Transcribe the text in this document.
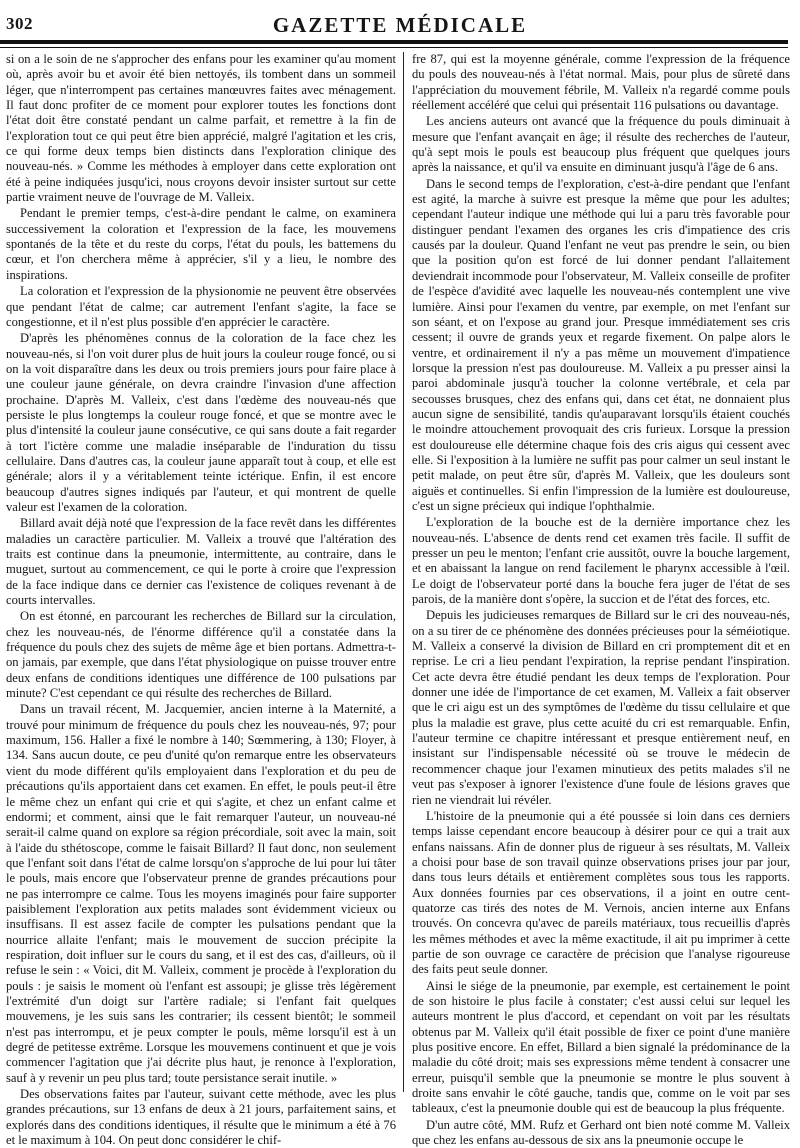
302	GAZETTE MÉDICALE

si on a le soin de ne s'approcher des enfans pour les examiner qu'au moment où, après avoir bu et avoir été bien nettoyés, ils tombent dans un sommeil léger, que n'interrompent pas certaines manœuvres faites avec ménagement. Il faut donc profiter de ce moment pour explorer toutes les fonctions dont l'état doit être constaté pendant un calme parfait, et remettre à la fin de l'exploration tout ce qui peut être bien apprécié, malgré l'agitation et les cris, ce qui forme deux temps bien distincts dans l'exploration clinique des nouveau-nés. » Comme les méthodes à employer dans cette exploration ont été à peine indiquées jusqu'ici, nous croyons devoir insister surtout sur cette partie vraiment neuve de l'ouvrage de M. Valleix.

Pendant le premier temps, c'est-à-dire pendant le calme, on examinera successivement la coloration et l'expression de la face, les mouvemens spontanés de la tête et du reste du corps, l'état du pouls, les battemens du cœur, et l'on cherchera même à apprécier, s'il y a lieu, le nombre des inspirations.

La coloration et l'expression de la physionomie ne peuvent être observées que pendant l'état de calme; car autrement l'enfant s'agite, la face se congestionne, et il n'est plus possible d'en apprécier le caractère.

D'après les phénomènes connus de la coloration de la face chez les nouveau-nés, si l'on voit durer plus de huit jours la couleur rouge foncé, ou si on la voit disparaître dans les deux ou trois premiers jours pour faire place à une couleur jaune générale, on devra craindre l'invasion d'une affection prochaine. D'après M. Valleix, c'est dans l'œdème des nouveau-nés que persiste le plus longtemps la couleur rouge foncé, et que se montre avec le plus d'intensité la couleur jaune consécutive, ce qui sans doute a fait regarder à tort l'ictère comme une maladie inséparable de l'induration du tissu cellulaire. Dans d'autres cas, la couleur jaune apparaît tout à coup, et elle est générale; alors il y a véritablement teinte ictérique. Enfin, il est encore beaucoup d'autres signes indiqués par l'auteur, et qui montrent de quelle valeur est l'examen de la coloration.

Billard avait déjà noté que l'expression de la face revêt dans les différentes maladies un caractère particulier. M. Valleix a trouvé que l'altération des traits est continue dans la pneumonie, intermittente, au contraire, dans le muguet, surtout au commencement, ce qui le porte à croire que l'expression de la face indique dans ce dernier cas l'existence de coliques revenant à de courts intervalles.

On est étonné, en parcourant les recherches de Billard sur la circulation, chez les nouveau-nés, de l'énorme différence qu'il a constatée dans la fréquence du pouls chez des sujets de même âge et bien portans. Admettra-t-on jamais, par exemple, que dans l'état physiologique on puisse trouver entre deux enfans de conditions identiques une différence de 100 pulsations par minute? C'est cependant ce qui résulte des recherches de Billard.

Dans un travail récent, M. Jacquemier, ancien interne à la Maternité, a trouvé pour minimum de fréquence du pouls chez les nouveau-nés, 97; pour maximum, 156. Haller a fixé le nombre à 140; Sœmmering, à 130; Floyer, à 134. Sans aucun doute, ce peu d'unité qu'on remarque entre les observateurs vient du mode différent qu'ils employaient dans l'exploration et du peu de précautions qu'ils apportaient dans cet examen. En effet, le pouls peut-il être le même chez un enfant qui crie et qui s'agite, et chez un enfant calme et endormi; et comment, ainsi que le fait remarquer l'auteur, un nouveau-né serait-il calme quand on explore sa région précordiale, soit avec la main, soit à l'aide du sthétoscope, comme le faisait Billard? Il faut donc, non seulement que l'enfant soit dans l'état de calme lorsqu'on s'approche de lui pour lui tâter le pouls, mais encore que l'observateur prenne de grandes précautions pour ne pas interrompre ce calme. Tous les moyens imaginés pour faire supporter paisiblement l'exploration aux petits malades sont évidemment vicieux ou insuffisans. Il est assez facile de compter les pulsations pendant que la nourrice allaite l'enfant; mais le mouvement de succion précipite la respiration, doit influer sur le cours du sang, et il est des cas, d'ailleurs, où il refuse le sein : « Voici, dit M. Valleix, comment je procède à l'exploration du pouls : je saisis le moment où l'enfant est assoupi; je glisse très légèrement l'extrémité d'un doigt sur l'artère radiale; si l'enfant fait quelques mouvemens, je les suis sans les contrarier; ils cessent bientôt; le sommeil n'est pas interrompu, et je peux compter le pouls, même lorsqu'il est à un degré de petitesse extrême. Lorsque les mouvemens continuent et que je vois commencer l'agitation que j'ai décrite plus haut, je renonce à l'exploration, sauf à y revenir un peu plus tard; toute persistance serait inutile. »

Des observations faites par l'auteur, suivant cette méthode, avec les plus grandes précautions, sur 13 enfans de deux à 21 jours, parfaitement sains, et explorés dans des conditions identiques, il résulte que le minimum a été à 76 et le maximum à 104. On peut donc considérer le chif-

fre 87, qui est la moyenne générale, comme l'expression de la fréquence du pouls des nouveau-nés à l'état normal. Mais, pour plus de sûreté dans l'appréciation du mouvement fébrile, M. Valleix n'a regardé comme pouls réellement accéléré que celui qui présentait 116 pulsations ou davantage.

Les anciens auteurs ont avancé que la fréquence du pouls diminuait à mesure que l'enfant avançait en âge; il résulte des recherches de l'auteur, qu'à sept mois le pouls est beaucoup plus fréquent que quelques jours après la naissance, et qu'il va ensuite en diminuant jusqu'à l'âge de 6 ans.

Dans le second temps de l'exploration, c'est-à-dire pendant que l'enfant est agité, la marche à suivre est presque la même que pour les adultes; cependant l'auteur indique une méthode qui lui a paru très favorable pour distinguer pendant l'examen des organes les cris d'impatience des cris causés par la douleur. Quand l'enfant ne veut pas prendre le sein, ou bien que la position qu'on est forcé de lui donner pendant l'allaitement deviendrait incommode pour l'observateur, M. Valleix conseille de profiter de l'espèce d'avidité avec laquelle les nouveau-nés contemplent une vive lumière. Ainsi pour l'examen du ventre, par exemple, on met l'enfant sur son séant, et on l'expose au grand jour. Presque immédiatement ses cris cessent; il ouvre de grands yeux et regarde fixement. On palpe alors le ventre, et ordinairement il n'y a pas même un mouvement d'impatience lorsque la pression n'est pas douloureuse. M. Valleix a pu presser ainsi la paroi abdominale jusqu'à toucher la colonne vertébrale, et cela par secousses brusques, chez des enfans qui, dans cet état, ne donnaient plus aucun signe de sensibilité, tandis qu'auparavant lorsqu'ils étaient couchés le moindre attouchement provoquait des cris furieux. Lorsque la pression est douloureuse elle détermine chaque fois des cris aigus qui cessent avec elle. Si l'exposition à la lumière ne suffit pas pour calmer un seul instant le petit malade, on peut être sûr, d'après M. Valleix, que les douleurs sont aiguës et continuelles. Si enfin l'impression de la lumière est douloureuse, c'est un signe précieux qui indique l'ophthalmie.

L'exploration de la bouche est de la dernière importance chez les nouveau-nés. L'absence de dents rend cet examen très facile. Il suffit de presser un peu le menton; l'enfant crie aussitôt, ouvre la bouche largement, et en abaissant la langue on rend facilement le pharynx accessible à l'œil. Le doigt de l'observateur porté dans la bouche fera juger de l'état de ses parois, de la manière dont s'opère, la succion et de l'état des forces, etc.

Depuis les judicieuses remarques de Billard sur le cri des nouveau-nés, on a su tirer de ce phénomène des données précieuses pour la séméiotique. M. Valleix a conservé la division de Billard en cri promptement dit et en reprise. Le cri a lieu pendant l'expiration, la reprise pendant l'inspiration. Cet acte devra être étudié pendant les deux temps de l'exploration. Pour donner une idée de l'importance de cet examen, M. Valleix a fait observer que le cri aigu est un des symptômes de l'œdème du tissu cellulaire et que plus la maladie est grave, plus cette acuité du cri est remarquable. Enfin, l'auteur termine ce chapitre intéressant et presque entièrement neuf, en insistant sur l'indispensable nécessité où se trouve le médecin de recommencer chaque jour l'examen minutieux des petits malades s'il ne veut pas s'exposer à ignorer l'existence d'une foule de lésions graves que rien ne viendrait lui révéler.

L'histoire de la pneumonie qui a été poussée si loin dans ces derniers temps laisse cependant encore beaucoup à désirer pour ce qui a trait aux enfans naissans. Afin de donner plus de rigueur à ses résultats, M. Valleix a choisi pour base de son travail quinze observations prises jour par jour, dans tous leurs détails et entièrement complètes sous tous les rapports. Aux données fournies par ces observations, il a joint en outre cent-quatorze cas tirés des notes de M. Vernois, ancien interne aux Enfans trouvés. On concevra qu'avec de pareils matériaux, tous recueillis d'après les mêmes méthodes et avec la même exactitude, il ait pu imprimer à cette partie de son ouvrage ce caractère de précision que l'analyse rigoureuse des faits peut seule donner.

Ainsi le siége de la pneumonie, par exemple, est certainement le point de son histoire le plus facile à constater; c'est aussi celui sur lequel les auteurs montrent le plus d'accord, et cependant on voit par les résultats obtenus par M. Valleix qu'il était possible de fixer ce point d'une manière plus positive encore. En effet, Billard a bien signalé la prédominance de la maladie du côté droit; mais ses expressions même tendent à consacrer une erreur, puisqu'il semble que la pneumonie se montre le plus souvent à droite sans envahir le côté gauche, tandis que, comme on le voit par ses tableaux, c'est la pneumonie double qui est de beaucoup la plus fréquente.

D'un autre côté, MM. Rufz et Gerhard ont bien noté comme M. Valleix que chez les enfans au-dessous de six ans la pneumonie occupe le
